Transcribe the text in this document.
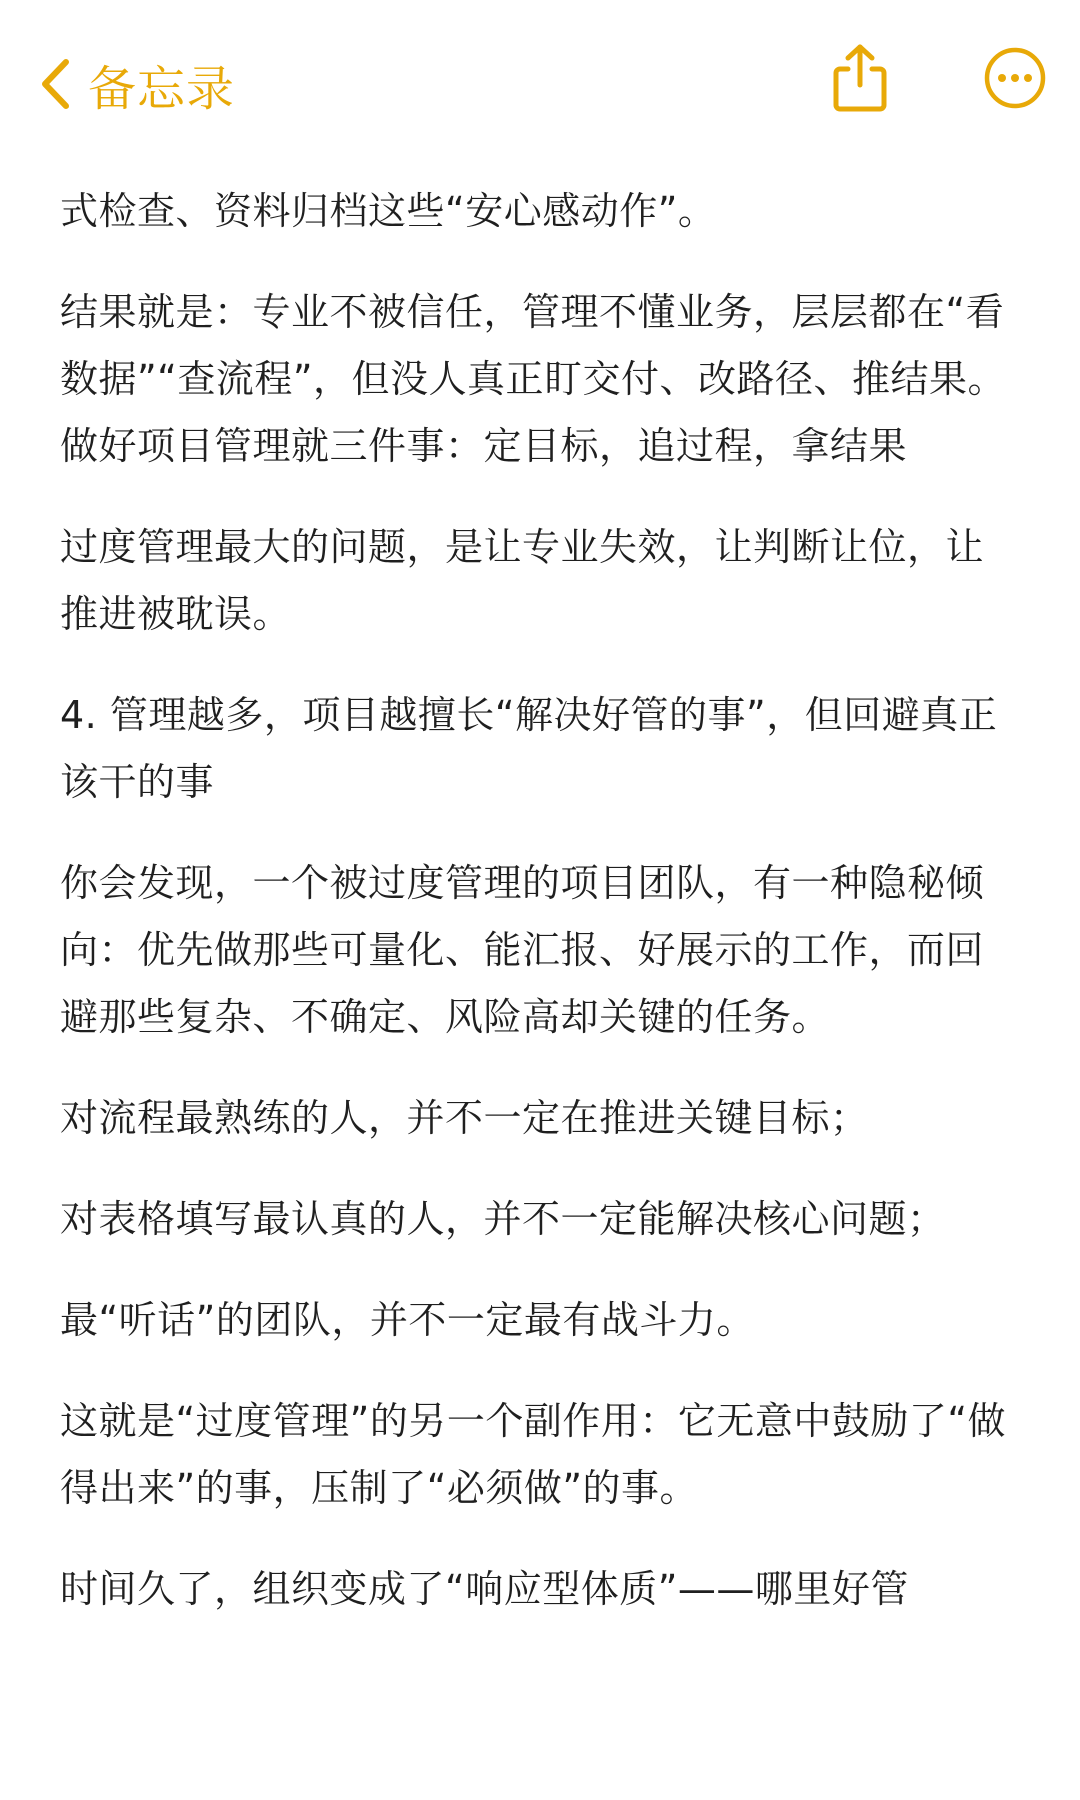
备忘录

式检查、资料归档这些“安心感动作”。

结果就是：专业不被信任，管理不懂业务，层层都在“看数据”“查流程”，但没人真正盯交付、改路径、推结果。做好项目管理就三件事：定目标，追过程，拿结果

过度管理最大的问题，是让专业失效，让判断让位，让推进被耽误。

4. 管理越多，项目越擅长“解决好管的事”，但回避真正该干的事

你会发现，一个被过度管理的项目团队，有一种隐秘倾向：优先做那些可量化、能汇报、好展示的工作，而回避那些复杂、不确定、风险高却关键的任务。

对流程最熟练的人，并不一定在推进关键目标；

对表格填写最认真的人，并不一定能解决核心问题；

最“听话”的团队，并不一定最有战斗力。

这就是“过度管理”的另一个副作用：它无意中鼓励了“做得出来”的事，压制了“必须做”的事。

时间久了，组织变成了“响应型体质”——哪里好管
